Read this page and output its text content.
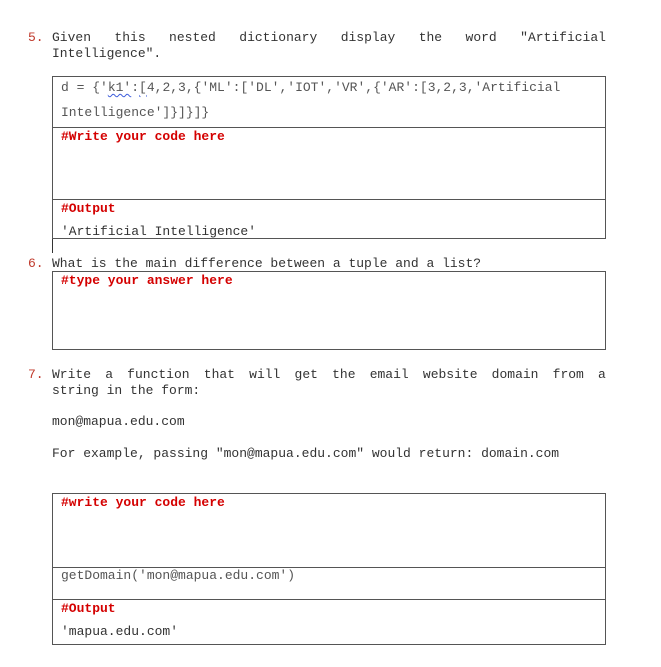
5. Given this nested dictionary display the word "Artificial
Intelligence".
d = {'k1':[4,2,3,{'ML':['DL','IOT','VR',{'AR':[3,2,3,'Artificial
Intelligence']}]}]}
#Write your code here
#Output
'Artificial Intelligence'
6. What is the main difference between a tuple and a list?
#type your answer here
7. Write a function that will get the email website domain from a
string in the form:
mon@mapua.edu.com
For example, passing "mon@mapua.edu.com" would return: domain.com
#write your code here
getDomain('mon@mapua.edu.com')
#Output
'mapua.edu.com'
